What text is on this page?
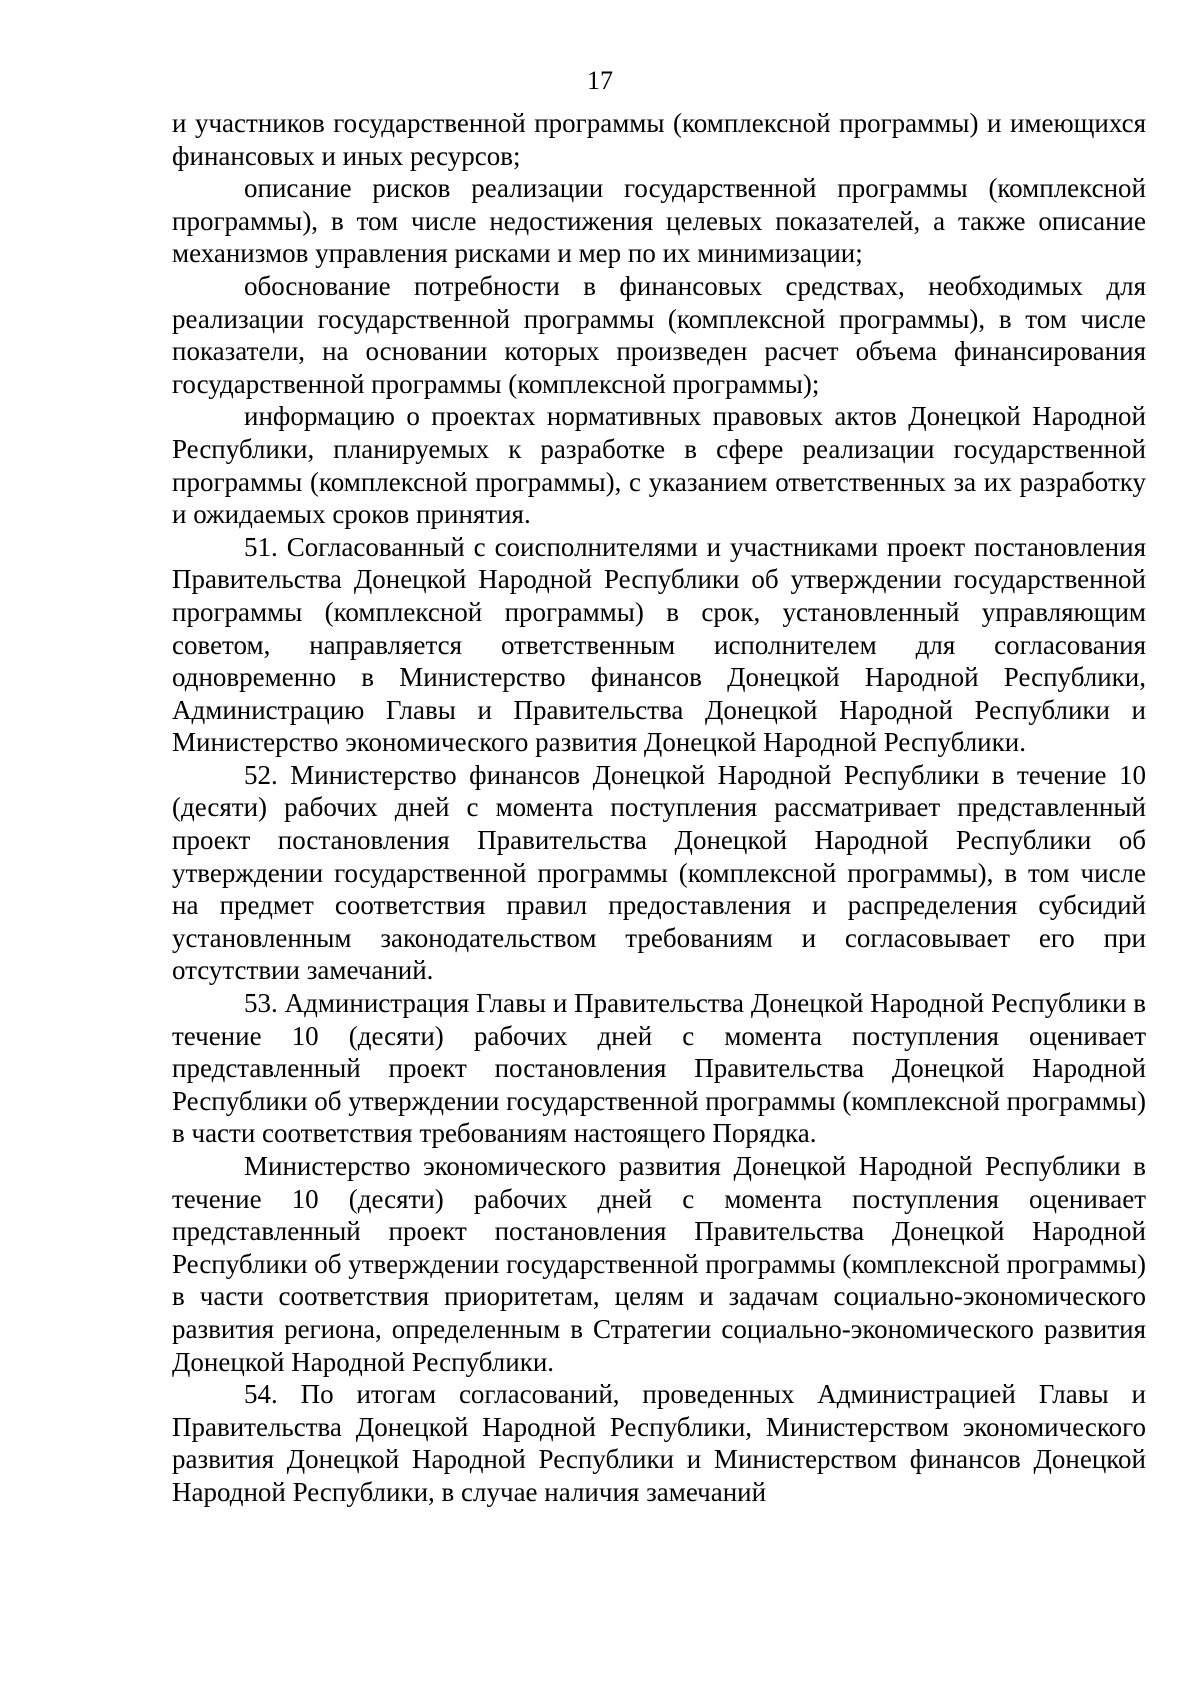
17

и участников государственной программы (комплексной программы) и имеющихся финансовых и иных ресурсов;

описание рисков реализации государственной программы (комплексной программы), в том числе недостижения целевых показателей, а также описание механизмов управления рисками и мер по их минимизации;

обоснование потребности в финансовых средствах, необходимых для реализации государственной программы (комплексной программы), в том числе показатели, на основании которых произведен расчет объема финансирования государственной программы (комплексной программы);

информацию о проектах нормативных правовых актов Донецкой Народной Республики, планируемых к разработке в сфере реализации государственной программы (комплексной программы), с указанием ответственных за их разработку и ожидаемых сроков принятия.

51. Согласованный с соисполнителями и участниками проект постановления Правительства Донецкой Народной Республики об утверждении государственной программы (комплексной программы) в срок, установленный управляющим советом, направляется ответственным исполнителем для согласования одновременно в Министерство финансов Донецкой Народной Республики, Администрацию Главы и Правительства Донецкой Народной Республики и Министерство экономического развития Донецкой Народной Республики.

52. Министерство финансов Донецкой Народной Республики в течение 10 (десяти) рабочих дней с момента поступления рассматривает представленный проект постановления Правительства Донецкой Народной Республики об утверждении государственной программы (комплексной программы), в том числе на предмет соответствия правил предоставления и распределения субсидий установленным законодательством требованиям и согласовывает его при отсутствии замечаний.

53. Администрация Главы и Правительства Донецкой Народной Республики в течение 10 (десяти) рабочих дней с момента поступления оценивает представленный проект постановления Правительства Донецкой Народной Республики об утверждении государственной программы (комплексной программы) в части соответствия требованиям настоящего Порядка.

Министерство экономического развития Донецкой Народной Республики в течение 10 (десяти) рабочих дней с момента поступления оценивает представленный проект постановления Правительства Донецкой Народной Республики об утверждении государственной программы (комплексной программы) в части соответствия приоритетам, целям и задачам социально-экономического развития региона, определенным в Стратегии социально-экономического развития Донецкой Народной Республики.

54. По итогам согласований, проведенных Администрацией Главы и Правительства Донецкой Народной Республики, Министерством экономического развития Донецкой Народной Республики и Министерством финансов Донецкой Народной Республики, в случае наличия замечаний
